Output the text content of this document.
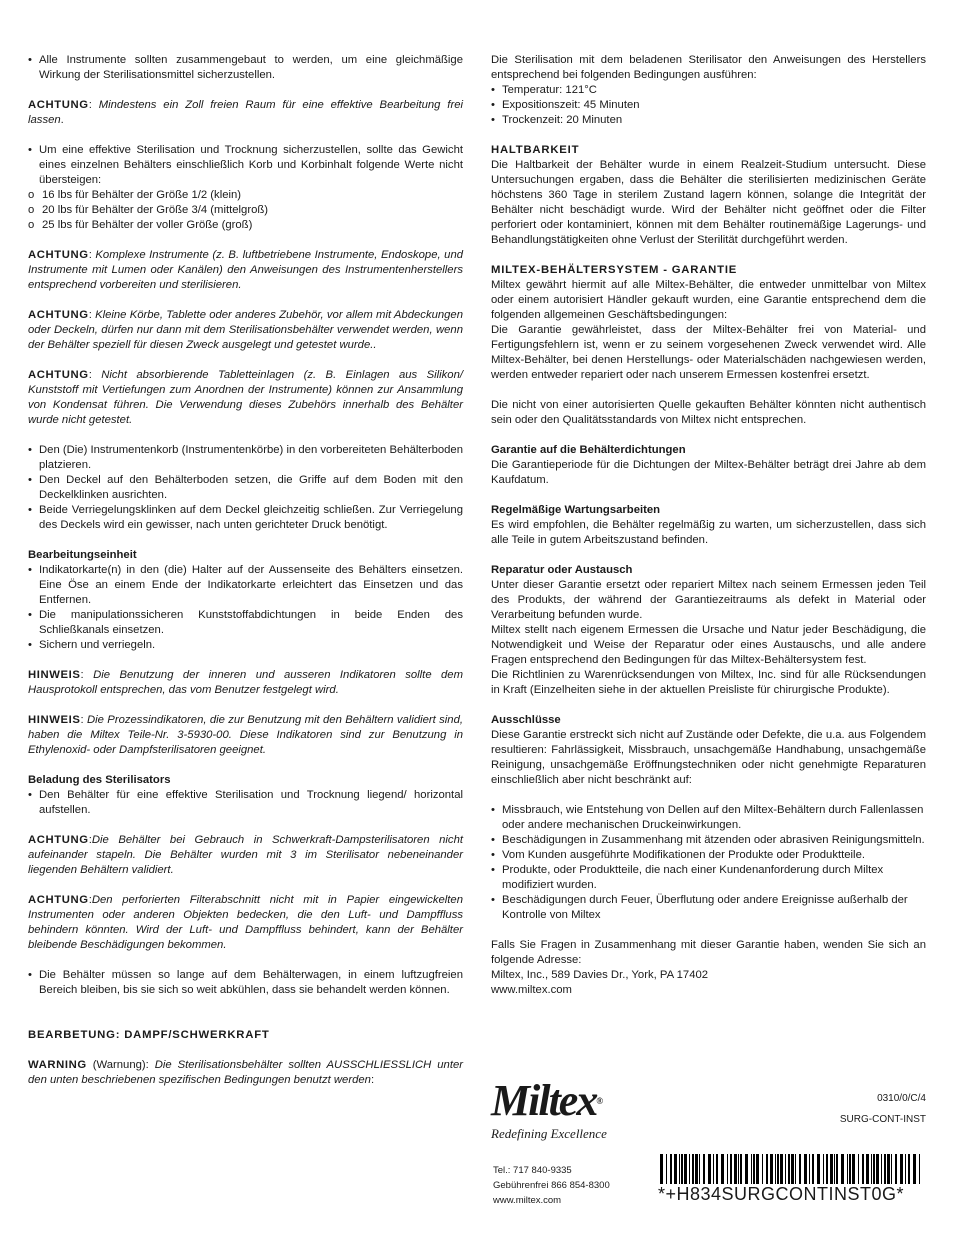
• Alle Instrumente sollten zusammengebaut to werden, um eine gleichmäßige Wirkung der Sterilisationsmittel sicherzustellen.

ACHTUNG: Mindestens ein Zoll freien Raum für eine effektive Bearbeitung frei lassen.

• Um eine effektive Sterilisation und Trocknung sicherzustellen, sollte das Gewicht eines einzelnen Behälters einschließlich Korb und Korbinhalt folgende Werte nicht übersteigen:
o 16 lbs für Behälter der Größe 1/2 (klein)
o 20 lbs für Behälter der Größe 3/4 (mittelgroß)
o 25 lbs für Behälter der voller Größe (groß)

ACHTUNG: Komplexe Instrumente (z. B. luftbetriebene Instrumente, Endoskope, und Instrumente mit Lumen oder Kanälen) den Anweisungen des Instrumentenherstellers entsprechend vorbereiten und sterilisieren.

ACHTUNG: Kleine Körbe, Tablette oder anderes Zubehör, vor allem mit Abdeckungen oder Deckeln, dürfen nur dann mit dem Sterilisationsbehälter verwendet werden, wenn der Behälter speziell für diesen Zweck ausgelegt und getestet wurde..

ACHTUNG: Nicht absorbierende Tabletteinlagen (z. B. Einlagen aus Silikon/ Kunststoff mit Vertiefungen zum Anordnen der Instrumente) können zur Ansammlung von Kondensat führen. Die Verwendung dieses Zubehörs innerhalb des Behälter wurde nicht getestet.

• Den (Die) Instrumentenkorb (Instrumentenkörbe) in den vorbereiteten Behälterboden platzieren.
• Den Deckel auf den Behälterboden setzen, die Griffe auf dem Boden mit den Deckelklinken ausrichten.
• Beide Verriegelungsklinken auf dem Deckel gleichzeitig schließen. Zur Verriegelung des Deckels wird ein gewisser, nach unten gerichteter Druck benötigt.

Bearbeitungseinheit

• Indikatorkarte(n) in den (die) Halter auf der Aussenseite des Behälters einsetzen. Eine Öse an einem Ende der Indikatorkarte erleichtert das Einsetzen und das Entfernen.
• Die manipulationssicheren Kunststoffabdichtungen in beide Enden des Schließkanals einsetzen.
• Sichern und verriegeln.

HINWEIS: Die Benutzung der inneren und ausseren Indikatoren sollte dem Hausprotokoll entsprechen, das vom Benutzer festgelegt wird.

HINWEIS: Die Prozessindikatoren, die zur Benutzung mit den Behältern validiert sind, haben die Miltex Teile-Nr. 3-5930-00. Diese Indikatoren sind zur Benutzung in Ethylenoxid- oder Dampfsterilisatoren geeignet.

Beladung des Sterilisators

• Den Behälter für eine effektive Sterilisation und Trocknung liegend/ horizontal aufstellen.

ACHTUNG:Die Behälter bei Gebrauch in Schwerkraft-Dampsterilisatoren nicht aufeinander stapeln. Die Behälter wurden mit 3 im Sterilisator nebeneinander liegenden Behältern validiert.

ACHTUNG:Den perforierten Filterabschnitt nicht mit in Papier eingewickelten Instrumenten oder anderen Objekten bedecken, die den Luft- und Dampffluss behindern könnten. Wird der Luft- und Dampffluss behindert, kann der Behälter bleibende Beschädigungen bekommen.

• Die Behälter müssen so lange auf dem Behälterwagen, in einem luftzugfreien Bereich bleiben, bis sie sich so weit abkühlen, dass sie behandelt werden können.

BEARBETUNG: DAMPF/SCHWERKRAFT

WARNING (Warnung): Die Sterilisationsbehälter sollten AUSSCHLIESSLICH unter den unten beschriebenen spezifischen Bedingungen benutzt werden:

Die Sterilisation mit dem beladenen Sterilisator den Anweisungen des Herstellers entsprechend bei folgenden Bedingungen ausführen:

• Temperatur: 121°C
• Expositionszeit: 45 Minuten
• Trockenzeit: 20 Minuten

HALTBARKEIT

Die Haltbarkeit der Behälter wurde in einem Realzeit-Studium untersucht. Diese Untersuchungen ergaben, dass die Behälter die sterilisierten medizinischen Geräte höchstens 360 Tage in sterilem Zustand lagern können, solange die Integrität der Behälter nicht beschädigt wurde. Wird der Behälter nicht geöffnet oder die Filter perforiert oder kontaminiert, können mit dem Behälter routinemäßige Lagerungs- und Behandlungstätigkeiten ohne Verlust der Sterilität durchgeführt werden.

MILTEX-BEHÄLTERSYSTEM - GARANTIE

Miltex gewährt hiermit auf alle Miltex-Behälter, die entweder unmittelbar von Miltex oder einem autorisiert Händler gekauft wurden, eine Garantie entsprechend dem die folgenden allgemeinen Geschäftsbedingungen:

Die Garantie gewährleistet, dass der Miltex-Behälter frei von Material- und Fertigungsfehlern ist, wenn er zu seinem vorgesehenen Zweck verwendet wird. Alle Miltex-Behälter, bei denen Herstellungs- oder Materialschäden nachgewiesen werden, werden entweder repariert oder nach unserem Ermessen kostenfrei ersetzt.

Die nicht von einer autorisierten Quelle gekauften Behälter könnten nicht authentisch sein oder den Qualitätsstandards von Miltex nicht entsprechen.

Garantie auf die Behälterdichtungen

Die Garantieperiode für die Dichtungen der Miltex-Behälter beträgt drei Jahre ab dem Kaufdatum.

Regelmäßige Wartungsarbeiten

Es wird empfohlen, die Behälter regelmäßig zu warten, um sicherzustellen, dass sich alle Teile in gutem Arbeitszustand befinden.

Reparatur oder Austausch

Unter dieser Garantie ersetzt oder repariert Miltex nach seinem Ermessen jeden Teil des Produkts, der während der Garantiezeitraums als defekt in Material oder Verarbeitung befunden wurde.

Miltex stellt nach eigenem Ermessen die Ursache und Natur jeder Beschädigung, die Notwendigkeit und Weise der Reparatur oder eines Austauschs, und alle andere Fragen entsprechend den Bedingungen für das Miltex-Behältersystem fest.

Die Richtlinien zu Warenrücksendungen von Miltex, Inc. sind für alle Rücksendungen in Kraft (Einzelheiten siehe in der aktuellen Preisliste für chirurgische Produkte).

Ausschlüsse

Diese Garantie erstreckt sich nicht auf Zustände oder Defekte, die u.a. aus Folgendem resultieren: Fahrlässigkeit, Missbrauch, unsachgemäße Handhabung, unsachgemäße Reinigung, unsachgemäße Eröffnungstechniken oder nicht genehmigte Reparaturen einschließlich aber nicht beschränkt auf:

• Missbrauch, wie Entstehung von Dellen auf den Miltex-Behältern durch Fallenlassen oder andere mechanischen Druckeinwirkungen.
• Beschädigungen in Zusammenhang mit ätzenden oder abrasiven Reinigungsmitteln.
• Vom Kunden ausgeführte Modifikationen der Produkte oder Produktteile.
• Produkte, oder Produktteile, die nach einer Kundenanforderung durch Miltex modifiziert wurden.
• Beschädigungen durch Feuer, Überflutung oder andere Ereignisse außerhalb der Kontrolle von Miltex

Falls Sie Fragen in Zusammenhang mit dieser Garantie haben, wenden Sie sich an folgende Adresse:

Miltex, Inc., 589 Davies Dr., York, PA 17402

www.miltex.com

Miltex®
Redefining Excellence
Tel.: 717 840-9335
Gebührenfrei 866 854-8300
www.miltex.com
0310/0/C/4
SURG-CONT-INST
*+H834SURGCONTINST0G*
